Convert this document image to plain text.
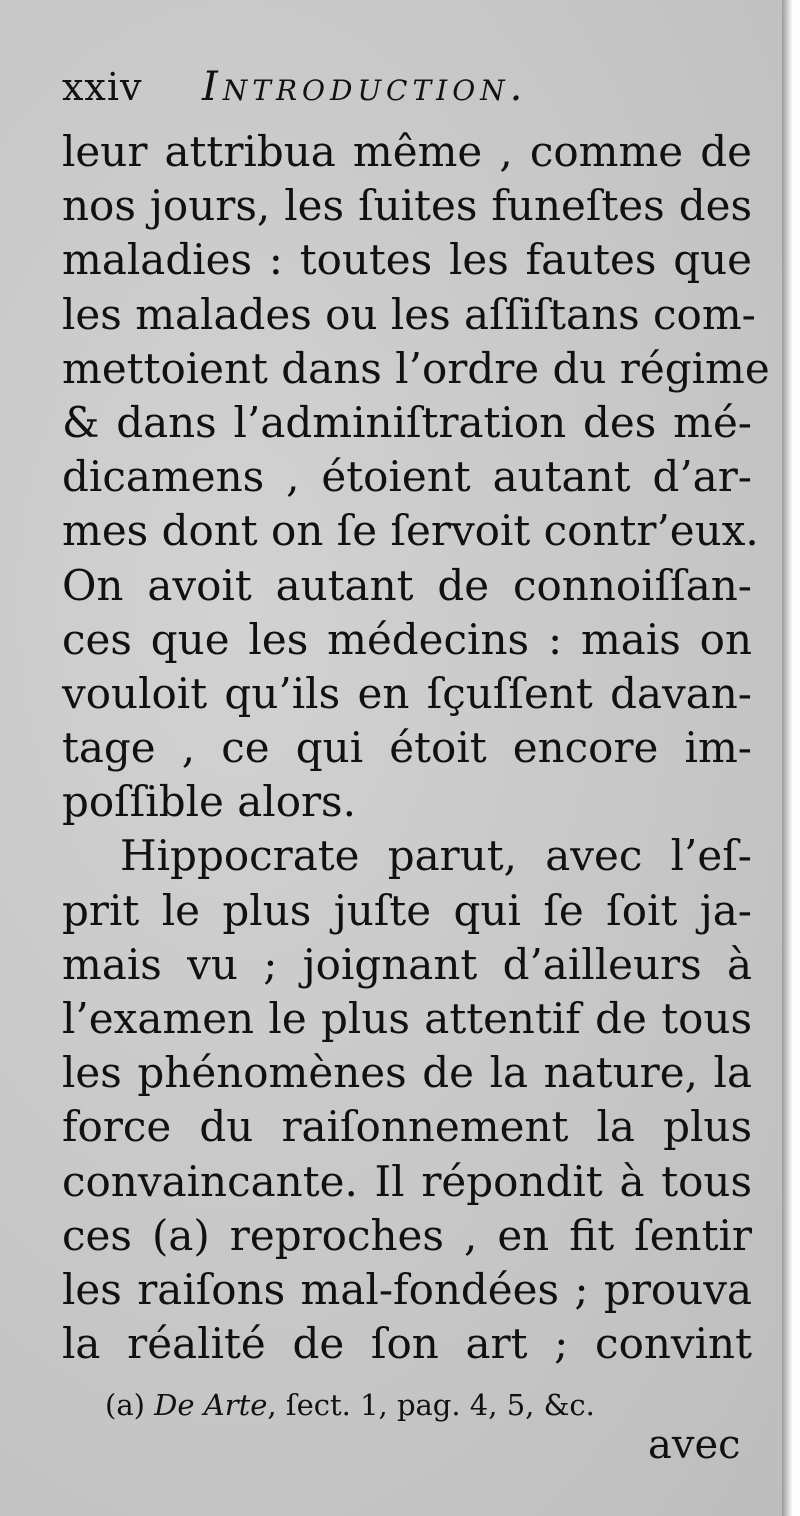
xxiv Introduction.
leur attribua même , comme de
nos jours, les ſuites funeſtes des
maladies : toutes les fautes que
les malades ou les aſſiſtans com-
mettoient dans l’ordre du régime
& dans l’adminiſtration des mé-
dicamens , étoient autant d’ar-
mes dont on ſe ſervoit contr’eux.
On avoit autant de connoiſſan-
ces que les médecins : mais on
vouloit qu’ils en ſçuſſent davan-
tage , ce qui étoit encore im-
poſſible alors.
Hippocrate parut, avec l’eſ-
prit le plus juſte qui ſe ſoit ja-
mais vu ; joignant d’ailleurs à
l’examen le plus attentif de tous
les phénomènes de la nature, la
force du raiſonnement la plus
convaincante. Il répondit à tous
ces (a) reproches , en fit ſentir
les raiſons mal-fondées ; prouva
la réalité de ſon art ; convint
(a) De Arte, ſect. 1, pag. 4, 5, &c.
avec
